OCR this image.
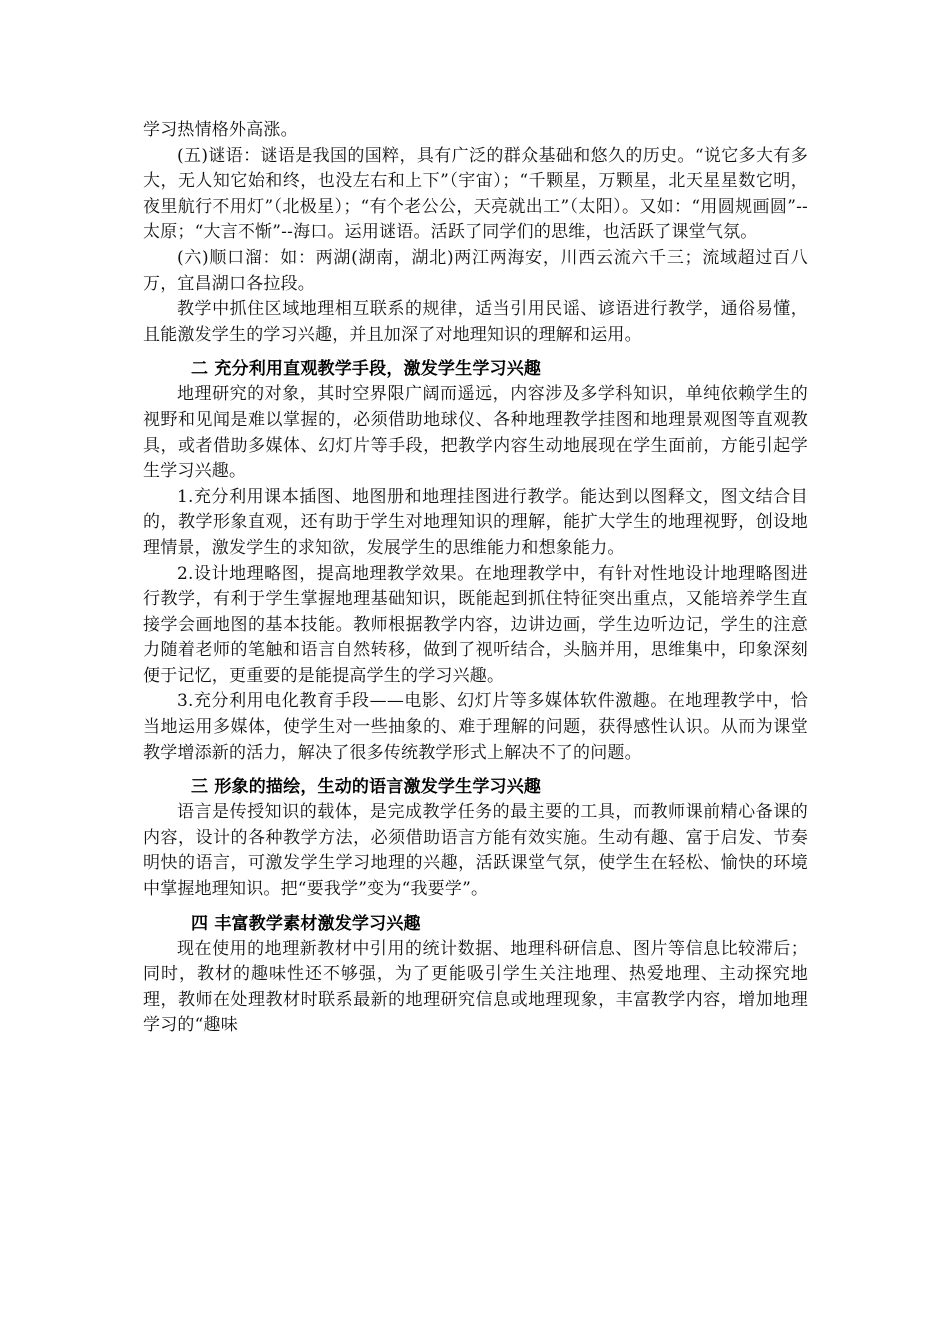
学习热情格外高涨。

(五)谜语：谜语是我国的国粹，具有广泛的群众基础和悠久的历史。“说它多大有多大，无人知它始和终，也没左右和上下”（宇宙）；“千颗星，万颗星，北天星星数它明，夜里航行不用灯”（北极星）；“有个老公公，天亮就出工”（太阳）。又如：“用圆规画圆”--太原；“大言不惭”--海口。运用谜语。活跃了同学们的思维，也活跃了课堂气氛。

(六)顺口溜：如：两湖(湖南，湖北)两江两海安，川西云流六千三；流域超过百八万，宜昌湖口各拉段。

教学中抓住区域地理相互联系的规律，适当引用民谣、谚语进行教学，通俗易懂，且能激发学生的学习兴趣，并且加深了对地理知识的理解和运用。

二 充分利用直观教学手段，激发学生学习兴趣

地理研究的对象，其时空界限广阔而遥远，内容涉及多学科知识，单纯依赖学生的视野和见闻是难以掌握的，必须借助地球仪、各种地理教学挂图和地理景观图等直观教具，或者借助多媒体、幻灯片等手段，把教学内容生动地展现在学生面前，方能引起学生学习兴趣。

1.充分利用课本插图、地图册和地理挂图进行教学。能达到以图释文，图文结合目的，教学形象直观，还有助于学生对地理知识的理解，能扩大学生的地理视野，创设地理情景，激发学生的求知欲，发展学生的思维能力和想象能力。

2.设计地理略图，提高地理教学效果。在地理教学中，有针对性地设计地理略图进行教学，有利于学生掌握地理基础知识，既能起到抓住特征突出重点，又能培养学生直接学会画地图的基本技能。教师根据教学内容，边讲边画，学生边听边记，学生的注意力随着老师的笔触和语言自然转移，做到了视听结合，头脑并用，思维集中，印象深刻便于记忆，更重要的是能提高学生的学习兴趣。

3.充分利用电化教育手段——电影、幻灯片等多媒体软件激趣。在地理教学中，恰当地运用多媒体，使学生对一些抽象的、难于理解的问题，获得感性认识。从而为课堂教学增添新的活力，解决了很多传统教学形式上解决不了的问题。

三 形象的描绘，生动的语言激发学生学习兴趣

语言是传授知识的载体，是完成教学任务的最主要的工具，而教师课前精心备课的内容，设计的各种教学方法，必须借助语言方能有效实施。生动有趣、富于启发、节奏明快的语言，可激发学生学习地理的兴趣，活跃课堂气氛，使学生在轻松、愉快的环境中掌握地理知识。把“要我学”变为“我要学”。

四 丰富教学素材激发学习兴趣

现在使用的地理新教材中引用的统计数据、地理科研信息、图片等信息比较滞后；同时，教材的趣味性还不够强，为了更能吸引学生关注地理、热爱地理、主动探究地理，教师在处理教材时联系最新的地理研究信息或地理现象，丰富教学内容，增加地理学习的“趣味
